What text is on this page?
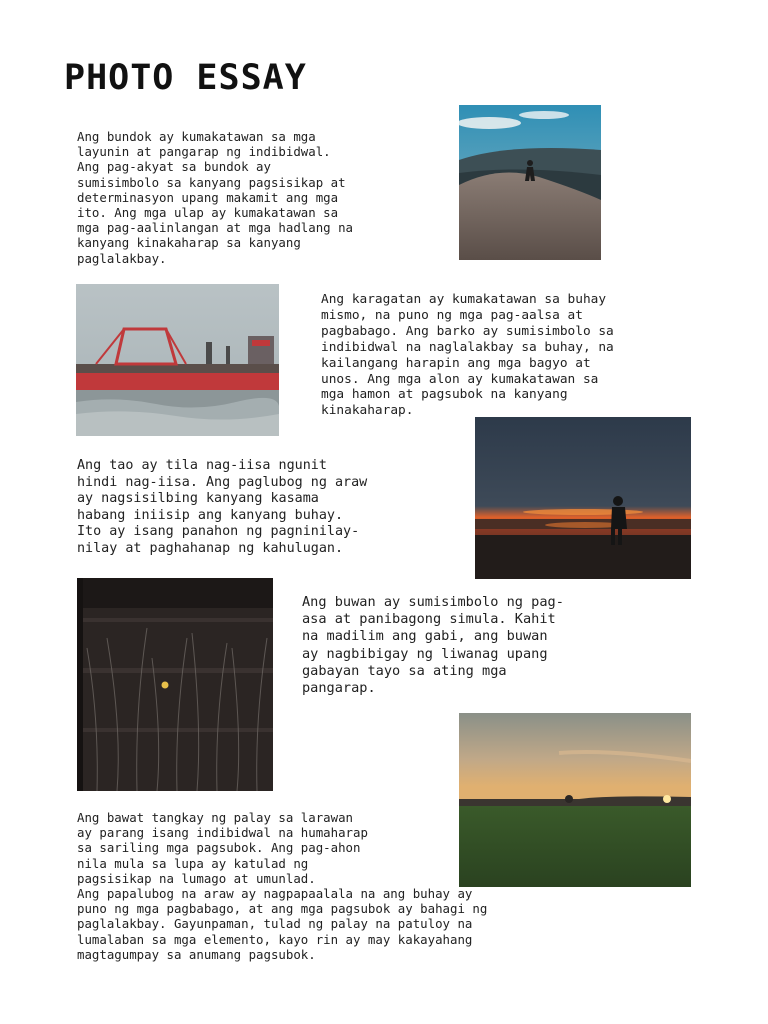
PHOTO ESSAY

Ang bundok ay kumakatawan sa mga
layunin at pangarap ng indibidwal.
Ang pag-akyat sa bundok ay
sumisimbolo sa kanyang pagsisikap at
determinasyon upang makamit ang mga
ito. Ang mga ulap ay kumakatawan sa
mga pag-aalinlangan at mga hadlang na
kanyang kinakaharap sa kanyang
paglalakbay.

Ang karagatan ay kumakatawan sa buhay
mismo, na puno ng mga pag-aalsa at
pagbabago. Ang barko ay sumisimbolo sa
indibidwal na naglalakbay sa buhay, na
kailangang harapin ang mga bagyo at
unos. Ang mga alon ay kumakatawan sa
mga hamon at pagsubok na kanyang
kinakaharap.

Ang tao ay tila nag-iisa ngunit
hindi nag-iisa. Ang paglubog ng araw
ay nagsisilbing kanyang kasama
habang iniisip ang kanyang buhay.
Ito ay isang panahon ng pagninilay-
nilay at paghahanap ng kahulugan.

Ang buwan ay sumisimbolo ng pag-
asa at panibagong simula. Kahit
na madilim ang gabi, ang buwan
ay nagbibigay ng liwanag upang
gabayan tayo sa ating mga
pangarap.

Ang bawat tangkay ng palay sa larawan
ay parang isang indibidwal na humaharap
sa sariling mga pagsubok. Ang pag-ahon
nila mula sa lupa ay katulad ng
pagsisikap na lumago at umunlad.
Ang papalubog na araw ay nagpapaalala na ang buhay ay
puno ng mga pagbabago, at ang mga pagsubok ay bahagi ng
paglalakbay. Gayunpaman, tulad ng palay na patuloy na
lumalaban sa mga elemento, kayo rin ay may kakayahang
magtagumpay sa anumang pagsubok.
